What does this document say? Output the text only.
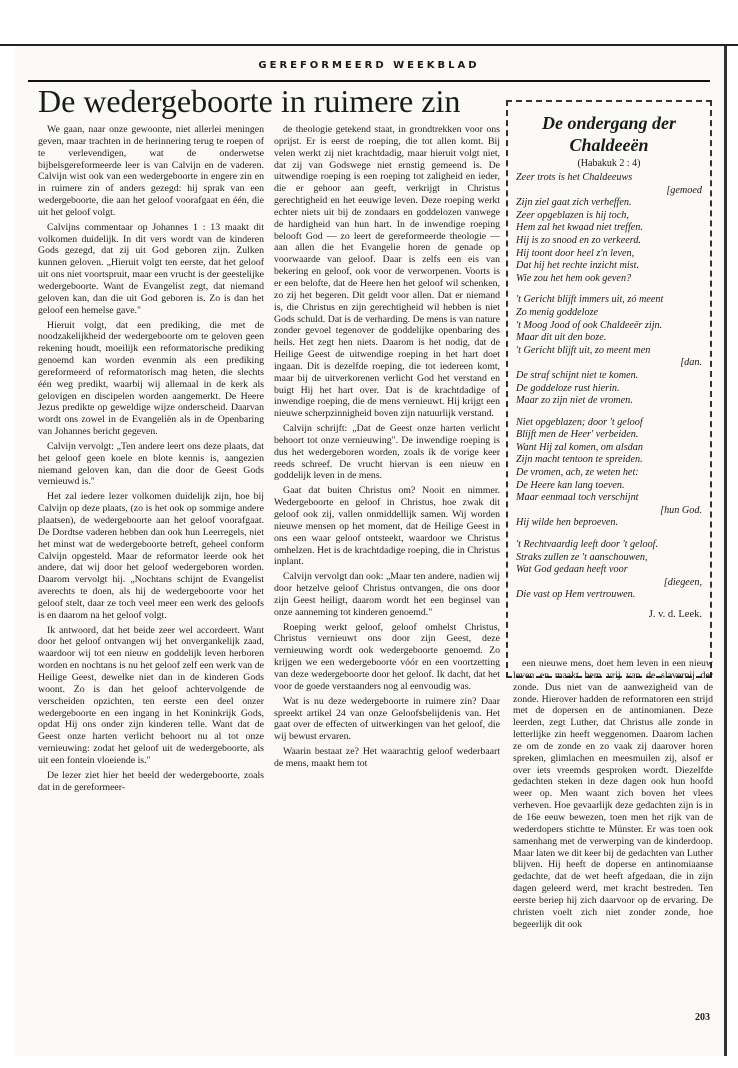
GEREFORMEERD WEEKBLAD
De wedergeboorte in ruimere zin

We gaan, naar onze gewoonte, niet allerlei meningen geven, maar trachten in de herinnering terug te roepen of te verlevendigen, wat de onderwetse bijbelsgereformeerde leer is van Calvijn en de vaderen. Calvijn wist ook van een wedergeboorte in engere zin en in ruimere zin of anders gezegd: hij sprak van een wedergeboorte, die aan het geloof voorafgaat en één, die uit het geloof volgt.

Calvijns commentaar op Johannes 1 : 13 maakt dit volkomen duidelijk. In dit vers wordt van de kinderen Gods gezegd, dat zij uit God geboren zijn. Zulken kunnen geloven. „Hieruit volgt ten eerste, dat het geloof uit ons niet voortspruit, maar een vrucht is der geestelijke wedergeboorte. Want de Evangelist zegt, dat niemand geloven kan, dan die uit God geboren is. Zo is dan het geloof een hemelse gave."

Hieruit volgt, dat een prediking, die met de noodzakelijkheid der wedergeboorte om te geloven geen rekening houdt, moeilijk een reformatorische prediking genoemd kan worden evenmin als een prediking gereformeerd of reformatorisch mag heten, die slechts één weg predikt, waarbij wij allemaal in de kerk als gelovigen en discipelen worden aangemerkt. De Heere Jezus predikte op geweldige wijze onderscheid. Daarvan wordt ons zowel in de Evangeliën als in de Openbaring van Johannes bericht gegeven.

Calvijn vervolgt: „Ten andere leert ons deze plaats, dat het geloof geen koele en blote kennis is, aangezien niemand geloven kan, dan die door de Geest Gods vernieuwd is."

Het zal iedere lezer volkomen duidelijk zijn, hoe bij Calvijn op deze plaats, (zo is het ook op sommige andere plaatsen), de wedergeboorte aan het geloof voorafgaat. De Dordtse vaderen hebben dan ook hun Leerregels, niet het minst wat de wedergeboorte betreft, geheel conform Calvijn opgesteld. Maar de reformator leerde ook het andere, dat wij door het geloof wedergeboren worden. Daarom vervolgt hij. „Nochtans schijnt de Evangelist averechts te doen, als hij de wedergeboorte voor het geloof stelt, daar ze toch veel meer een werk des geloofs is en daarom na het geloof volgt.

Ik antwoord, dat het beide zeer wel accordeert. Want door het geloof ontvangen wij het onvergankelijk zaad, waardoor wij tot een nieuw en goddelijk leven herboren worden en nochtans is nu het geloof zelf een werk van de Heilige Geest, dewelke niet dan in de kinderen Gods woont. Zo is dan het geloof achtervolgende de verscheiden opzichten, ten eerste een deel onzer wedergeboorte en een ingang in het Koninkrijk Gods, opdat Hij ons onder zijn kinderen telle. Want dat de Geest onze harten verlicht behoort nu al tot onze vernieuwing: zodat het geloof uit de wedergeboorte, als uit een fontein vloeiende is."

De lezer ziet hier het beeld der wedergeboorte, zoals dat in de gereformeer-

de theologie getekend staat, in grondtrekken voor ons oprijst. Er is eerst de roeping, die tot allen komt. Bij velen werkt zij niet krachtdadig, maar hieruit volgt niet, dat zij van Godswege niet ernstig gemeend is. De uitwendige roeping is een roeping tot zaligheid en ieder, die er gehoor aan geeft, verkrijgt in Christus gerechtigheid en het eeuwige leven. Deze roeping werkt echter niets uit bij de zondaars en goddelozen vanwege de hardigheid van hun hart. In de inwendige roeping belooft God — zo leert de gereformeerde theologie — aan allen die het Evangelie horen de genade op voorwaarde van geloof. Daar is zelfs een eis van bekering en geloof, ook voor de verworpenen. Voorts is er een belofte, dat de Heere hen het geloof wil schenken, zo zij het begeren. Dit geldt voor allen. Dat er niemand is, die Christus en zijn gerechtigheid wil hebben is niet Gods schuld. Dat is de verharding. De mens is van nature zonder gevoel tegenover de goddelijke openbaring des heils. Het zegt hen niets. Daarom is het nodig, dat de Heilige Geest de uitwendige roeping in het hart doet ingaan. Dit is dezelfde roeping, die tot iedereen komt, maar bij de uitverkorenen verlicht God het verstand en buigt Hij het hart over. Dat is de krachtdadige of inwendige roeping, die de mens vernieuwt. Hij krijgt een nieuwe scherpzinnigheid boven zijn natuurlijk verstand.

Calvijn schrijft: „Dat de Geest onze harten verlicht behoort tot onze vernieuwing". De inwendige roeping is dus het wedergeboren worden, zoals ik de vorige keer reeds schreef. De vrucht hiervan is een nieuw en goddelijk leven in de mens.

Gaat dat buiten Christus om? Nooit en nimmer. Wedergeboorte en geloof in Christus, hoe zwak dit geloof ook zij, vallen onmiddellijk samen. Wij worden nieuwe mensen op het moment, dat de Heilige Geest in ons een waar geloof ontsteekt, waardoor we Christus omhelzen. Het is de krachtdadige roeping, die in Christus inplant.

Calvijn vervolgt dan ook: „Maar ten andere, nadien wij door hetzelve geloof Christus ontvangen, die ons door zijn Geest heiligt, daarom wordt het een beginsel van onze aanneming tot kinderen genoemd."

Roeping werkt geloof, geloof omhelst Christus, Christus vernieuwt ons door zijn Geest, deze vernieuwing wordt ook wedergeboorte genoemd. Zo krijgen we een wedergeboorte vóór en een voortzetting van deze wedergeboorte door het geloof. Ik dacht, dat het voor de goede verstaanders nog al eenvoudig was.

Wat is nu deze wedergeboorte in ruimere zin? Daar spreekt artikel 24 van onze Geloofsbelijdenis van. Het gaat over de effecten of uitwerkingen van het geloof, die wij bewust ervaren.

Waarin bestaat ze? Het waarachtig geloof wederbaart de mens, maakt hem tot

De ondergang der
Chaldeeën
(Habakuk 2 : 4)
Zeer trots is het Chaldeeuws
[gemoed
Zijn ziel gaat zich verheffen.
Zeer opgeblazen is hij toch,
Hem zal het kwaad niet treffen.
Hij is zo snood en zo verkeerd.
Hij toont door heel z'n leven,
Dat hij het rechte inzicht mist.
Wie zou het hem ook geven?
't Gericht blijft immers uit, zó meent
Zo menig goddeloze
't Moog Jood of ook Chaldeeër zijn.
Maar dit uit den boze.
't Gericht blijft uit, zo meent men
[dan.
De straf schijnt niet te komen.
De goddeloze rust hierin.
Maar zo zijn niet de vromen.
Niet opgeblazen; door 't geloof
Blijft men de Heer' verbeiden.
Want Hij zal komen, om alsdan
Zijn macht tentoon te spreiden.
De vromen, ach, ze weten het:
De Heere kan lang toeven.
Maar eenmaal toch verschijnt
[hun God.
Hij wilde hen beproeven.
't Rechtvaardig leeft door 't geloof.
Straks zullen ze 't aanschouwen,
Wat God gedaan heeft voor
[diegeen,
Die vast op Hem vertrouwen.
J. v. d. Leek.

een nieuwe mens, doet hem leven in een nieuw leven en maakt hem vrij van de slavernij der zonde. Dus niet van de aanwezigheid van de zonde. Hierover hadden de reformatoren een strijd met de dopersen en de antinomianen. Deze leerden, zegt Luther, dat Christus alle zonde in letterlijke zin heeft weggenomen. Daarom lachen ze om de zonde en zo vaak zij daarover horen spreken, glimlachen en meesmuilen zij, alsof er over iets vreemds gesproken wordt. Diezelfde gedachten steken in deze dagen ook hun hoofd weer op. Men waant zich boven het vlees verheven. Hoe gevaarlijk deze gedachten zijn is in de 16e eeuw bewezen, toen men het rijk van de wederdopers stichtte te Münster. Er was toen ook samenhang met de verwerping van de kinderdoop. Maar laten we dit keer bij de gedachten van Luther blijven. Hij heeft de doperse en antinomiaanse gedachte, dat de wet heeft afgedaan, die in zijn dagen geleerd werd, met kracht bestreden. Ten eerste beriep hij zich daarvoor op de ervaring. De christen voelt zich niet zonder zonde, hoe begeerlijk dit ook

203
